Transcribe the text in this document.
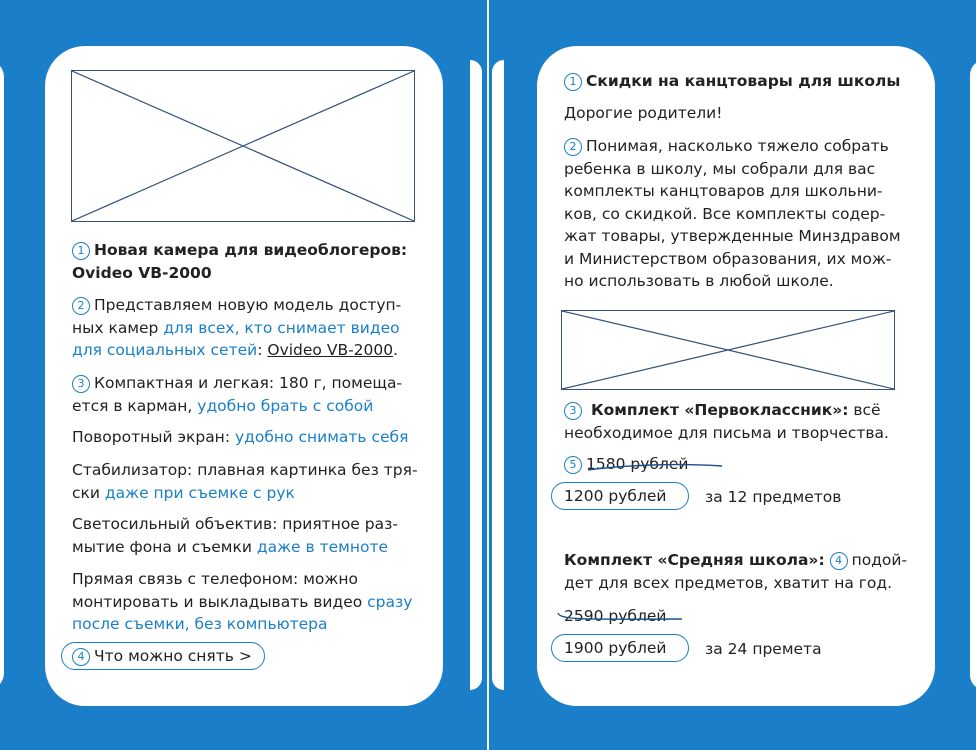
1 Новая камера для видеоблогеров: Ovideo VB-2000
2 Представляем новую модель доступ-
ных камер для всех, кто снимает видео
для социальных сетей: Ovideo VB-2000.
3 Компактная и легкая: 180 г, помеща-
ется в карман, удобно брать с собой
Поворотный экран: удобно снимать себя
Стабилизатор: плавная картинка без тря-
ски даже при съемке с рук
Светосильный объектив: приятное раз-
мытие фона и съемки даже в темноте
Прямая связь с телефоном: можно
монтировать и выкладывать видео сразу
после съемки, без компьютера
4 Что можно снять >
1 Скидки на канцтовары для школы
Дорогие родители!
2 Понимая, насколько тяжело собрать
ребенка в школу, мы собрали для вас
комплекты канцтоваров для школьни-
ков, со скидкой. Все комплекты содер-
жат товары, утвержденные Минздравом
и Министерством образования, их мож-
но использовать в любой школе.
3 Комплект «Первоклассник»: всё
необходимое для письма и творчества.
5 1580 рублей
1200 рублей	за 12 предметов
Комплект «Средняя школа»: 4 подой-
дет для всех предметов, хватит на год.
2590 рублей
1900 рублей	за 24 премета
